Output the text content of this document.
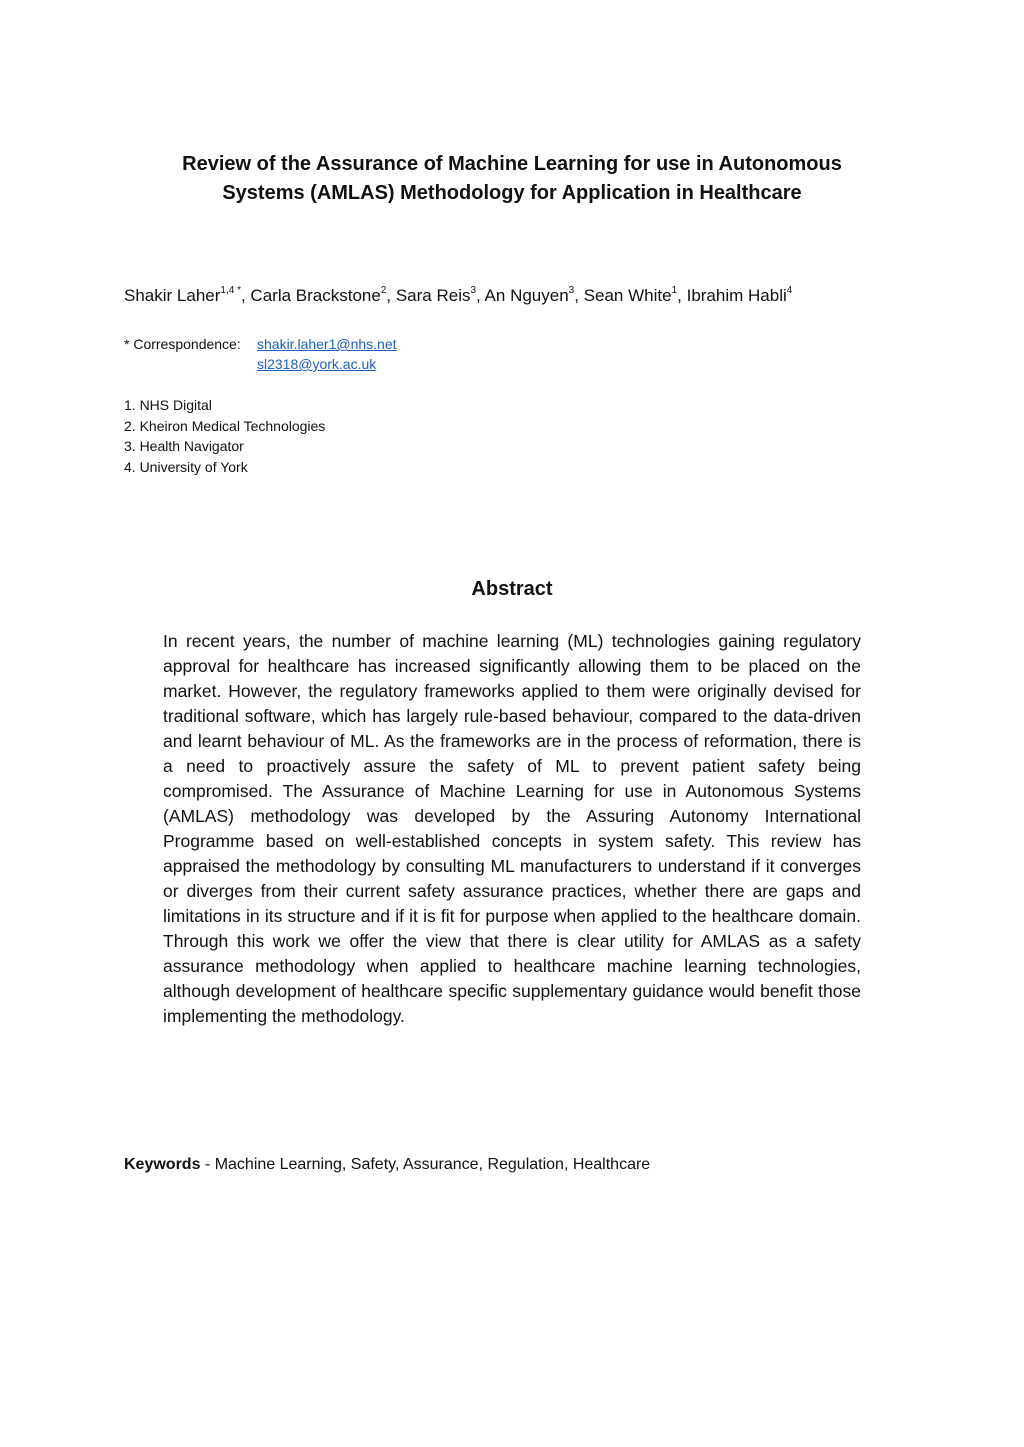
Review of the Assurance of Machine Learning for use in Autonomous
Systems (AMLAS) Methodology for Application in Healthcare
Shakir Laher$^{1,4 *}$, Carla Brackstone$^2$, Sara Reis$^3$, An Nguyen$^3$, Sean White$^1$, Ibrahim Habli$^4$
* Correspondence:	shakir.laher1@nhs.net
sl2318@york.ac.uk
1. NHS Digital
2. Kheiron Medical Technologies
3. Health Navigator
4. University of York
Abstract

In recent years, the number of machine learning (ML) technologies gaining regulatory approval for healthcare has increased significantly allowing them to be placed on the market. However, the regulatory frameworks applied to them were originally devised for traditional software, which has largely rule-based behaviour, compared to the data-driven and learnt behaviour of ML. As the frameworks are in the process of reformation, there is a need to proactively assure the safety of ML to prevent patient safety being compromised. The Assurance of Machine Learning for use in Autonomous Systems (AMLAS) methodology was developed by the Assuring Autonomy International Programme based on well-established concepts in system safety. This review has appraised the methodology by consulting ML manufacturers to understand if it converges or diverges from their current safety assurance practices, whether there are gaps and limitations in its structure and if it is fit for purpose when applied to the healthcare domain. Through this work we offer the view that there is clear utility for AMLAS as a safety assurance methodology when applied to healthcare machine learning technologies, although development of healthcare specific supplementary guidance would benefit those implementing the methodology.

Keywords - Machine Learning, Safety, Assurance, Regulation, Healthcare
